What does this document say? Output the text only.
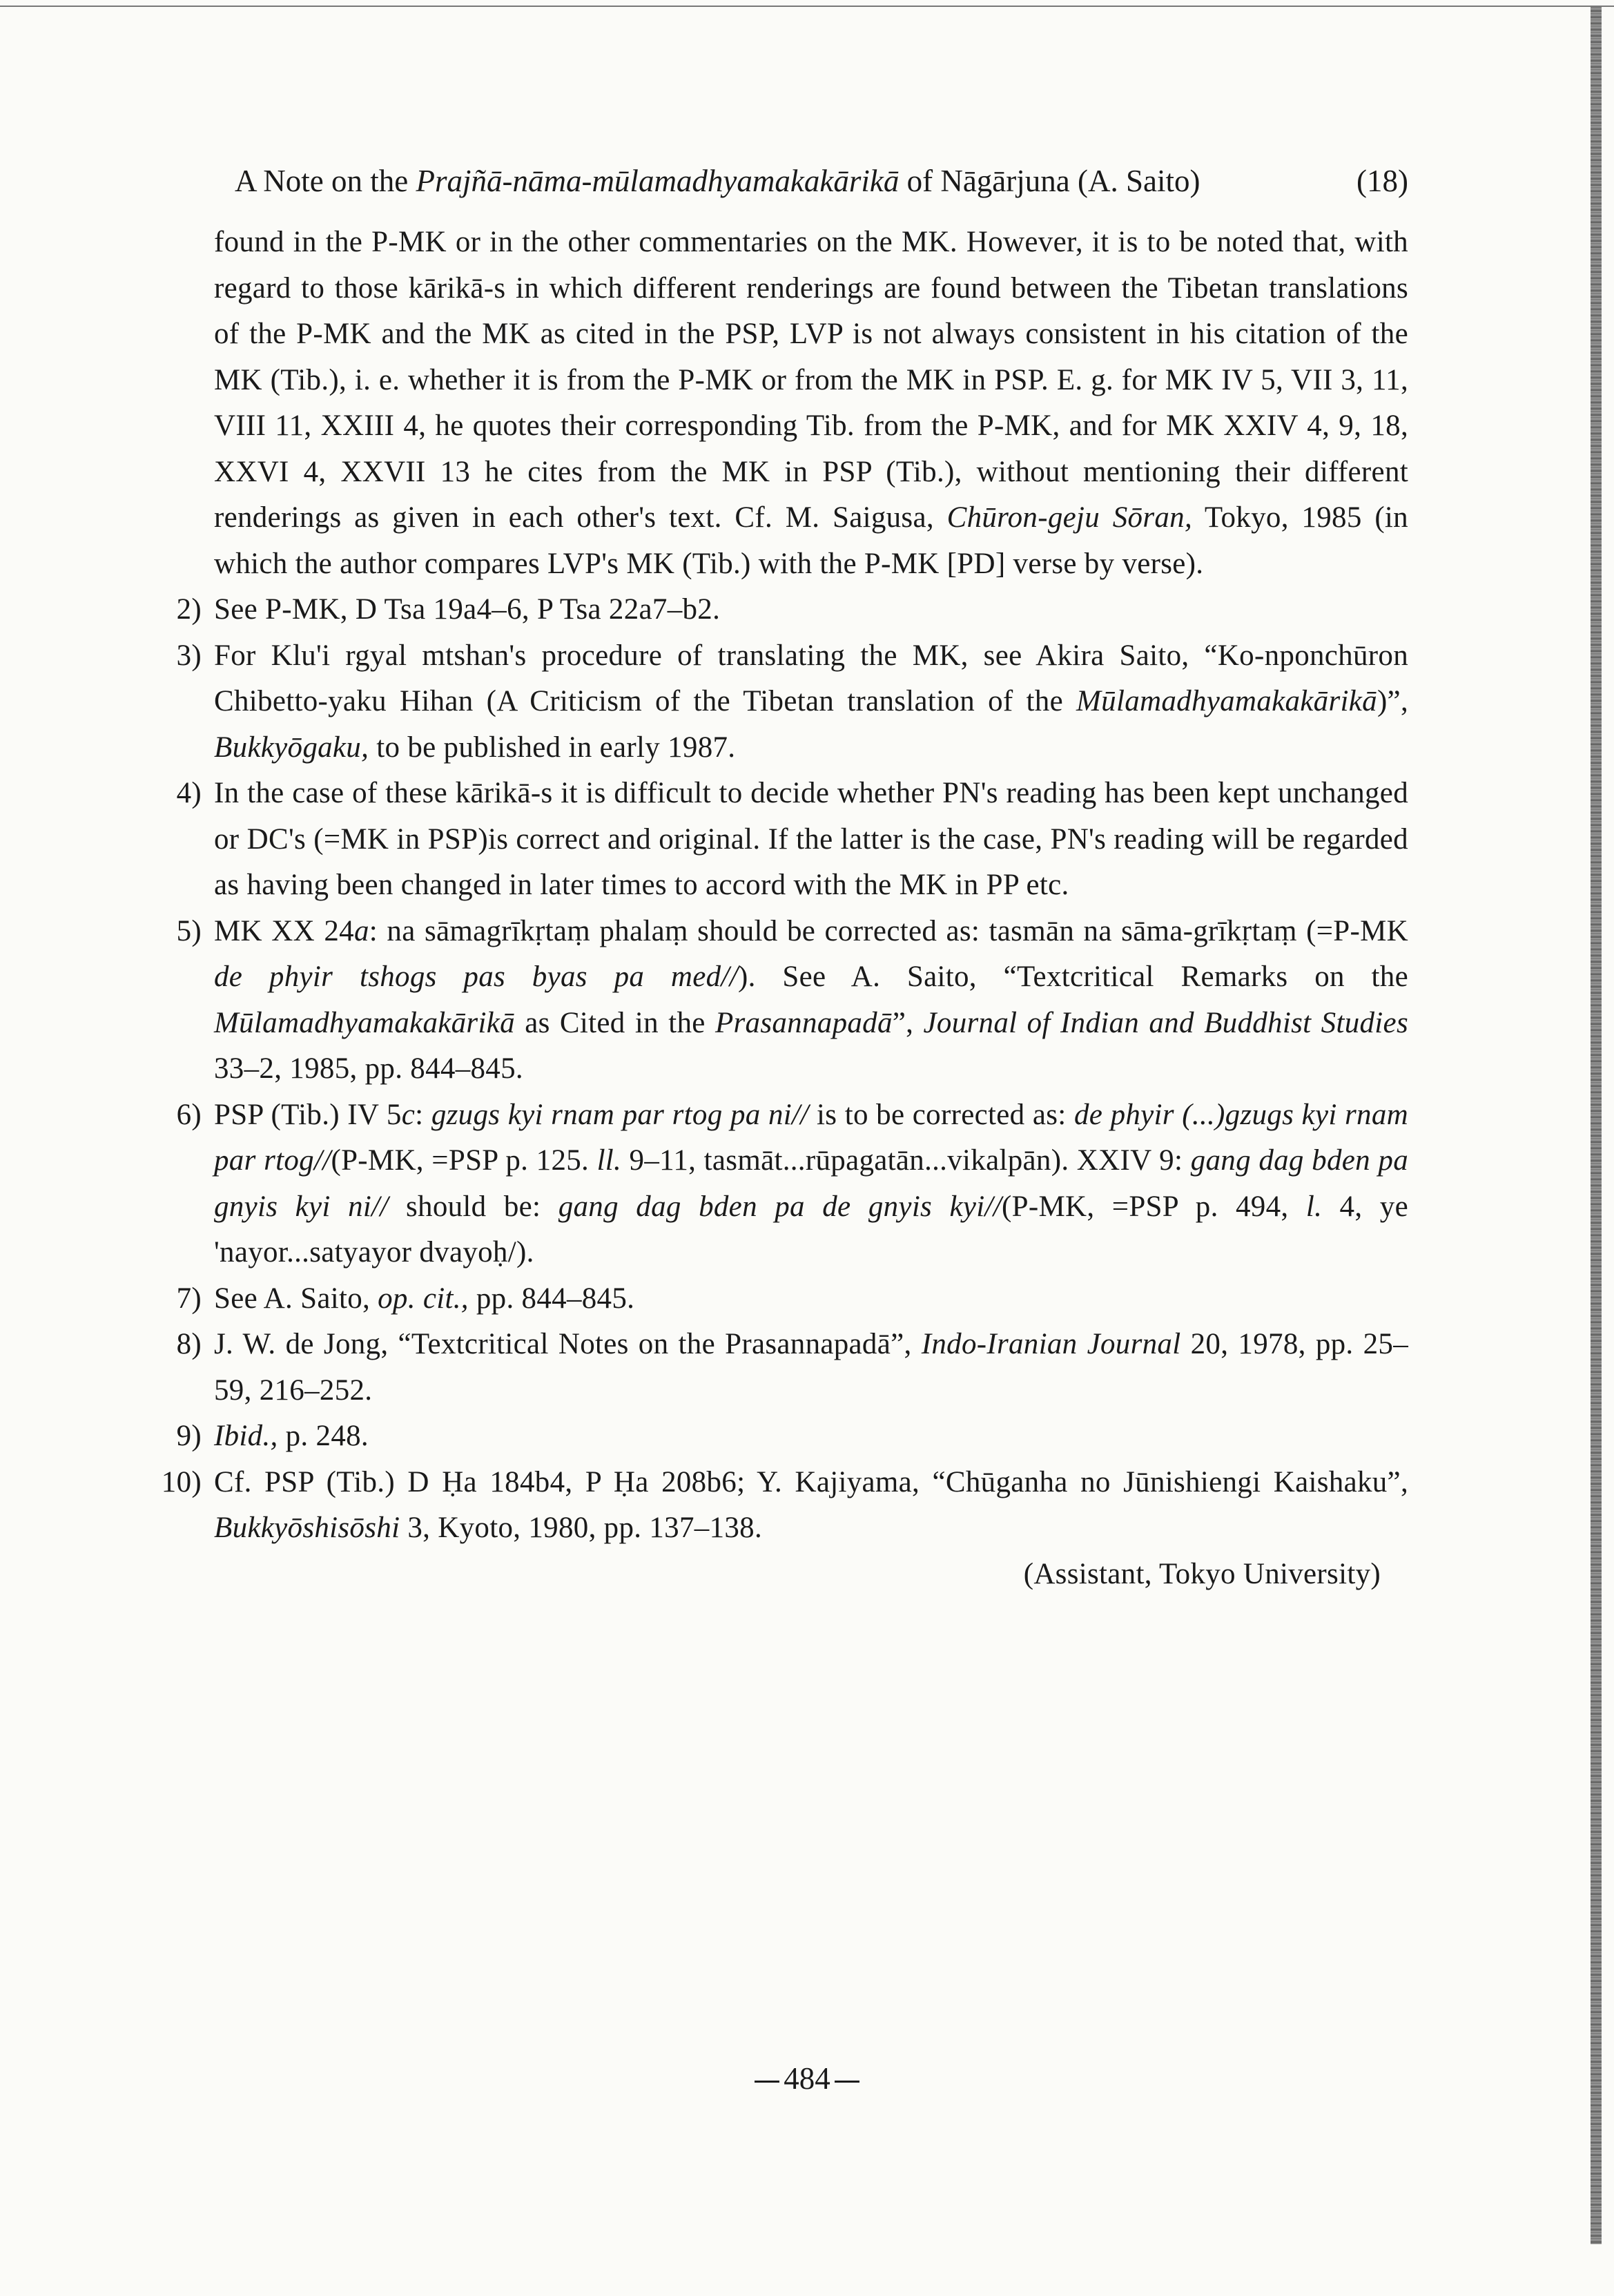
A Note on the Prajñā-nāma-mūlamadhyamakakārikā of Nāgārjuna (A. Saito)	(18)
found in the P-MK or in the other commentaries on the MK. However, it is to be noted that, with regard to those kārikā-s in which different renderings are found between the Tibetan translations of the P-MK and the MK as cited in the PSP, LVP is not always consistent in his citation of the MK (Tib.), i. e. whether it is from the P-MK or from the MK in PSP. E. g. for MK IV 5, VII 3, 11, VIII 11, XXIII 4, he quotes their corresponding Tib. from the P-MK, and for MK XXIV 4, 9, 18, XXVI 4, XXVII 13 he cites from the MK in PSP (Tib.), without mentioning their different renderings as given in each other's text. Cf. M. Saigusa, Chūron-geju Sōran, Tokyo, 1985 (in which the author compares LVP's MK (Tib.) with the P-MK [PD] verse by verse).
2) See P-MK, D Tsa 19a4–6, P Tsa 22a7–b2.
3) For Klu'i rgyal mtshan's procedure of translating the MK, see Akira Saito, “Ko-nponchūron Chibetto-yaku Hihan (A Criticism of the Tibetan translation of the Mūlamadhyamakakārikā)”, Bukkyōgaku, to be published in early 1987.
4) In the case of these kārikā-s it is difficult to decide whether PN's reading has been kept unchanged or DC's (=MK in PSP)is correct and original. If the latter is the case, PN's reading will be regarded as having been changed in later times to accord with the MK in PP etc.
5) MK XX 24a: na sāmagrīkṛtaṃ phalaṃ should be corrected as: tasmān na sāma-grīkṛtaṃ (=P-MK de phyir tshogs pas byas pa med//). See A. Saito, “Textcritical Remarks on the Mūlamadhyamakakārikā as Cited in the Prasannapadā”, Journal of Indian and Buddhist Studies 33–2, 1985, pp. 844–845.
6) PSP (Tib.) IV 5c: gzugs kyi rnam par rtog pa ni// is to be corrected as: de phyir (...)gzugs kyi rnam par rtog//(P-MK, =PSP p. 125. ll. 9–11, tasmāt...rūpagatān...vikalpān). XXIV 9: gang dag bden pa gnyis kyi ni// should be: gang dag bden pa de gnyis kyi//(P-MK, =PSP p. 494, l. 4, ye 'nayor...satyayor dvayoḥ/).
7) See A. Saito, op. cit., pp. 844–845.
8) J. W. de Jong, “Textcritical Notes on the Prasannapadā”, Indo-Iranian Journal 20, 1978, pp. 25–59, 216–252.
9) Ibid., p. 248.
10) Cf. PSP (Tib.) D Ḥa 184b4, P Ḥa 208b6; Y. Kajiyama, “Chūganha no Jūnishiengi Kaishaku”, Bukkyōshisōshi 3, Kyoto, 1980, pp. 137–138.
(Assistant, Tokyo University)
484
